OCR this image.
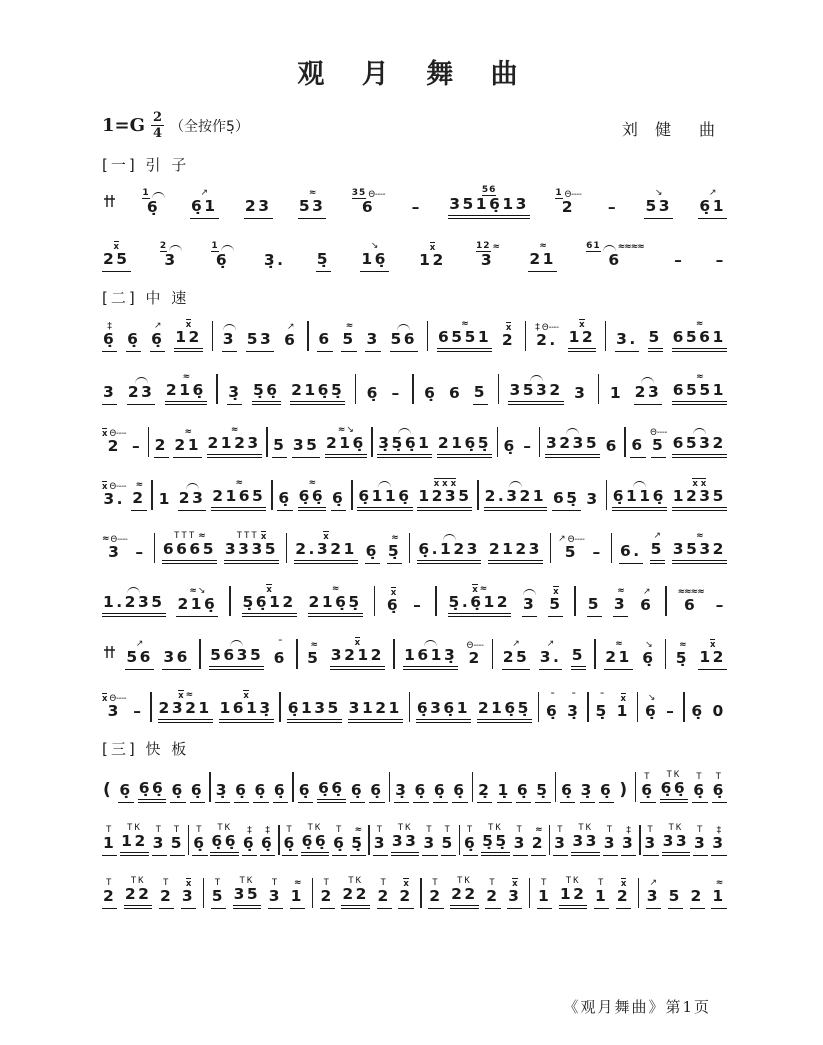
观 月 舞 曲
$1=G \frac{2}{4}$ （全按作5̣）	刘 健　曲
[一] 引 子
1
6̣
↗
6̣1 23
≈
53
35 Θ╌╌
6 –
56
3516̣13
1 Θ╌╌
2 –
↘
53
↗
6̣1
x
25
2
3
1
6̣ 3̣. 5̣
↘
16̣
x
12
12 ≈
3
≈
21
61 ≈≈≈≈
6	– –
[二] 中 速
‡
6̣ 6̣
↗
6̣
x
12 3 53
↗
6 6
≈
5 3 56
≈
6551
x
2
‡ Θ╌╌
2.
x
12 3. 5
≈
6561
3 23
≈
216̣ 3̣ 5̣6̣ 216̣5̣ 6̣ – 6̣ 6 5 3532 3 1 23
≈
6551
x Θ╌╌
2 – 2
≈
21
≈
2123 5 35
≈ ↘
216̣ 3̣5̣6̣1 216̣5̣ 6̣ – 3235 6 6
Θ╌╌
5 6532
x Θ╌╌
3.
≈
2 1 23
≈
2165 6̣
≈
6̣6̣ 6̣ 6̣116̣
x x x
1235 2.321 65̣ 3 6̣116̣
x x
1235
≈ Θ╌╌
3 –
TTT ≈
6665
TTT x
3335
x
2.321 6̣
≈
5̣ 6̣.123 2123
↗ Θ╌╌
5 – 6.
↗
5
≈
3532
1.235
≈ ↘
216̣
x
5̣6̣12
≈
216̣5̣
x
6̣ –
x ≈
5̣.6̣12 3
x
5 5
≈
3
↗
6
≈≈≈≈
6 –
↗
56 36 5635
ˉ
6
≈
5
x
3212 1613̣
Θ╌╌
2
↗
25
↗
3. 5
≈
21
↘
6̣
≈
5̣
x
12
x Θ╌╌
3 –
x ≈
2321
x
1613̣ 6̣135 3121 6̣36̣1 216̣5̣
ˉ
6̣
ˉ
3̣
ˉ
5̣
x
1
↘
6̣ – 6̣ 0
[三] 快 板
( 6̣ 6̣6̣ 6̣ 6̣ 3̣ 6̣ 6̣ 6̣ 6̣ 6̣6̣ 6̣ 6̣ 3̣ 6̣ 6̣ 6̣ 2̣ 1̣ 6̣ 5̣ 6̣ 3̣ 6̣ )
T
6̣
TK
6̣6̣
T
6̣
T
6̣
T
1
TK
12
T
3
T
5
T
6̣
TK
6̣6̣
‡
6̣
‡
6̣
T
6̣
TK
6̣6̣
T
6̣
≈
5̣
T
3
TK
33
T
3
T
5
T
6̣
TK
5̣5̣
T
3
≈
2
T
3
TK
33
T
3
‡
3
T
3
TK
33
T
3
‡
3
T
2
TK
22
T
2
x
3
T
5
TK
35
T
3
≈
1
T
2
TK
22
T
2
x
2
T
2
TK
22
T
2
x
3
T
1
TK
12
T
1
x
2
↗
3 5 2
≈
1
《观月舞曲》第1页
